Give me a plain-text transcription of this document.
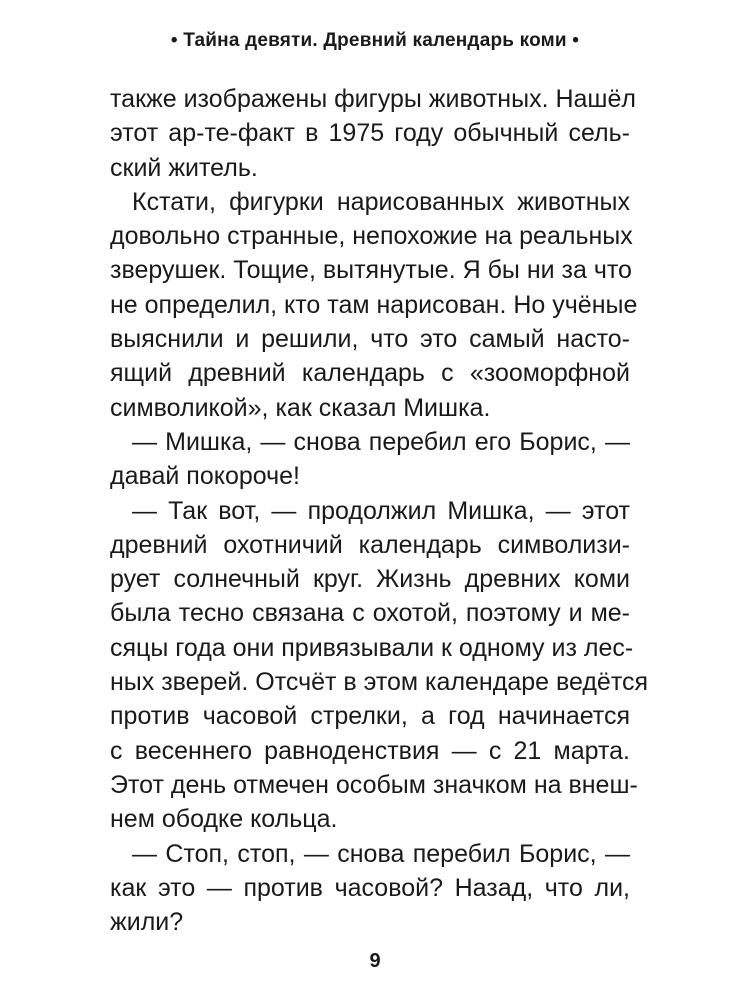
• Тайна девяти. Древний календарь коми •
также изображены фигуры животных. Нашёл
этот ар-те-факт в 1975 году обычный сель-
ский житель.
Кстати, фигурки нарисованных животных
довольно странные, непохожие на реальных
зверушек. Тощие, вытянутые. Я бы ни за что
не определил, кто там нарисован. Но учёные
выяснили и решили, что это самый насто-
ящий древний календарь с «зооморфной
символикой», как сказал Мишка.
— Мишка, — снова перебил его Борис, —
давай покороче!
— Так вот, — продолжил Мишка, — этот
древний охотничий календарь символизи-
рует солнечный круг. Жизнь древних коми
была тесно связана с охотой, поэтому и ме-
сяцы года они привязывали к одному из лес-
ных зверей. Отсчёт в этом календаре ведётся
против часовой стрелки, а год начинается
с весеннего равноденствия — с 21 марта.
Этот день отмечен особым значком на внеш-
нем ободке кольца.
— Стоп, стоп, — снова перебил Борис, —
как это — против часовой? Назад, что ли,
жили?
9
